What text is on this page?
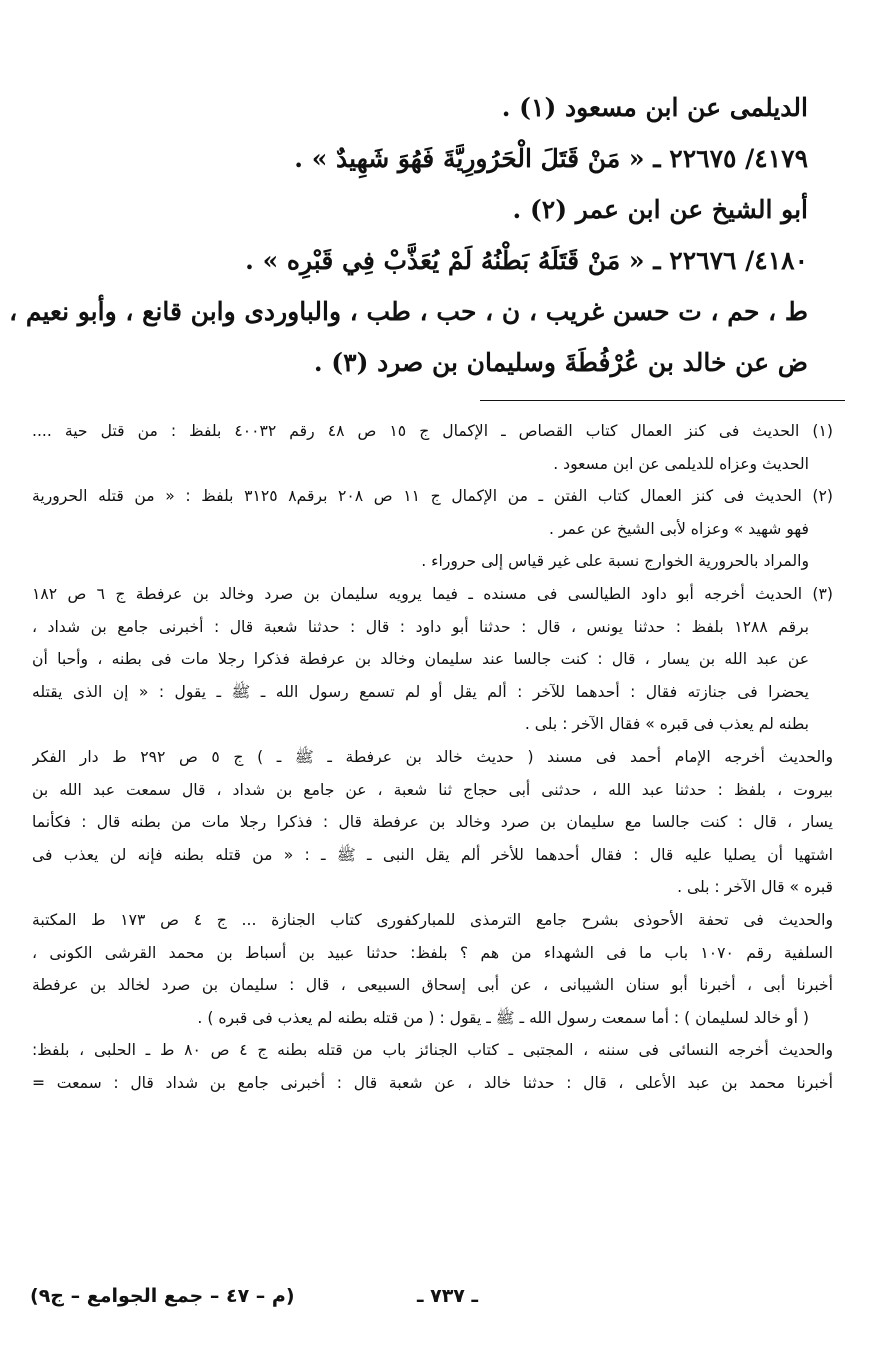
الديلمى عن ابن مسعود (١) .
٤١٧٩/ ٢٢٦٧٥ ـ « مَنْ قَتَلَ الْحَرُورِيَّةَ فَهُوَ شَهِيدٌ » .
أبو الشيخ عن ابن عمر (٢) .
٤١٨٠/ ٢٢٦٧٦ ـ « مَنْ قَتَلَهُ بَطْنُهُ لَمْ يُعَذَّبْ فِي قَبْرِه » .
ط ، حم ، ت حسن غريب ، ن ، حب ، طب ، والباوردى وابن قانع ، وأبو نعيم ،
ض عن خالد بن عُرْفُطَةَ وسليمان بن صرد (٣) .
(١) الحديث فى كنز العمال كتاب القصاص ـ الإكمال ج ١٥ ص ٤٨ رقم ٤٠٠٣٢ بلفظ : من قتل حية ....
الحديث وعزاه للديلمى عن ابن مسعود .
(٢) الحديث فى كنز العمال كتاب الفتن ـ من الإكمال ج ١١ ص ٢٠٨ برقم٨ ٣١٢٥ بلفظ : « من قتله الحرورية
فهو شهيد » وعزاه لأبى الشيخ عن عمر .
والمراد بالحرورية الخوارج نسبة على غير قياس إلى حروراء .
(٣) الحديث أخرجه أبو داود الطيالسى فى مسنده ـ فيما يرويه سليمان بن صرد وخالد بن عرفطة ج ٦ ص ١٨٢
برقم ١٢٨٨ بلفظ : حدثنا يونس ، قال : حدثنا أبو داود : قال : حدثنا شعبة قال : أخبرنى جامع بن شداد ،
عن عبد الله بن يسار ، قال : كنت جالسا عند سليمان وخالد بن عرفطة فذكرا رجلا مات فى بطنه ، وأحبا أن
يحضرا فى جنازته فقال : أحدهما للآخر : ألم يقل أو لم تسمع رسول الله ـ ﷺ ـ يقول : « إن الذى يقتله
بطنه لم يعذب فى قبره » فقال الآخر : بلى .
والحديث أخرجه الإمام أحمد فى مسند ( حديث خالد بن عرفطة ـ ﷺ ـ ) ج ٥ ص ٢٩٢ ط دار الفكر
بيروت ، بلفظ : حدثنا عبد الله ، حدثنى أبى حجاج ثنا شعبة ، عن جامع بن شداد ، قال سمعت عبد الله بن
يسار ، قال : كنت جالسا مع سليمان بن صرد وخالد بن عرفطة قال : فذكرا رجلا مات من بطنه قال : فكأنما
اشتهيا أن يصليا عليه قال : فقال أحدهما للأخر ألم يقل النبى ـ ﷺ ـ : « من قتله بطنه فإنه لن يعذب فى
قبره » قال الآخر : بلى .
والحديث فى تحفة الأحوذى بشرح جامع الترمذى للمباركفورى كتاب الجنازة ... ج ٤ ص ١٧٣ ط المكتبة
السلفية رقم ١٠٧٠ باب ما فى الشهداء من هم ؟ بلفظ: حدثنا عبيد بن أسباط بن محمد القرشى الكونى ،
أخبرنا أبى ، أخبرنا أبو سنان الشيبانى ، عن أبى إسحاق السبيعى ، قال : سليمان بن صرد لخالد بن عرفطة
( أو خالد لسليمان ) : أما سمعت رسول الله ـ ﷺ ـ يقول : ( من قتله بطنه لم يعذب فى قبره ) .
والحديث أخرجه النسائى فى سننه ، المجتبى ـ كتاب الجنائز باب من قتله بطنه ج ٤ ص ٨٠ ط ـ الحلبى ، بلفظ:
أخبرنا محمد بن عبد الأعلى ، قال : حدثنا خالد ، عن شعبة قال : أخبرنى جامع بن شداد قال : سمعت =
ـ ٧٣٧ ـ
(م – ٤٧ – جمع الجوامع – ج٩)
